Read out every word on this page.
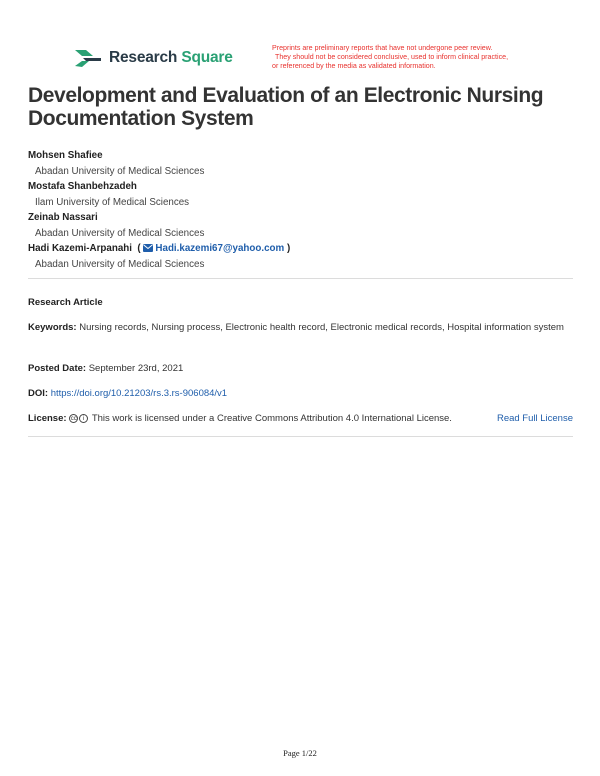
Research Square
Preprints are preliminary reports that have not undergone peer review.
They should not be considered conclusive, used to inform clinical practice,
or referenced by the media as validated information.
Development and Evaluation of an Electronic Nursing Documentation System
Mohsen Shafiee
Abadan University of Medical Sciences
Mostafa Shanbehzadeh
Ilam University of Medical Sciences
Zeinab Nassari
Abadan University of Medical Sciences
Hadi Kazemi-Arpanahi  ( Hadi.kazemi67@yahoo.com )
Abadan University of Medical Sciences
Research Article
Keywords: Nursing records, Nursing process, Electronic health record, Electronic medical records, Hospital information system
Posted Date: September 23rd, 2021
DOI: https://doi.org/10.21203/rs.3.rs-906084/v1
License:
cc	i
This work is licensed under a Creative Commons Attribution 4.0 International License.	Read Full License
Page 1/22
